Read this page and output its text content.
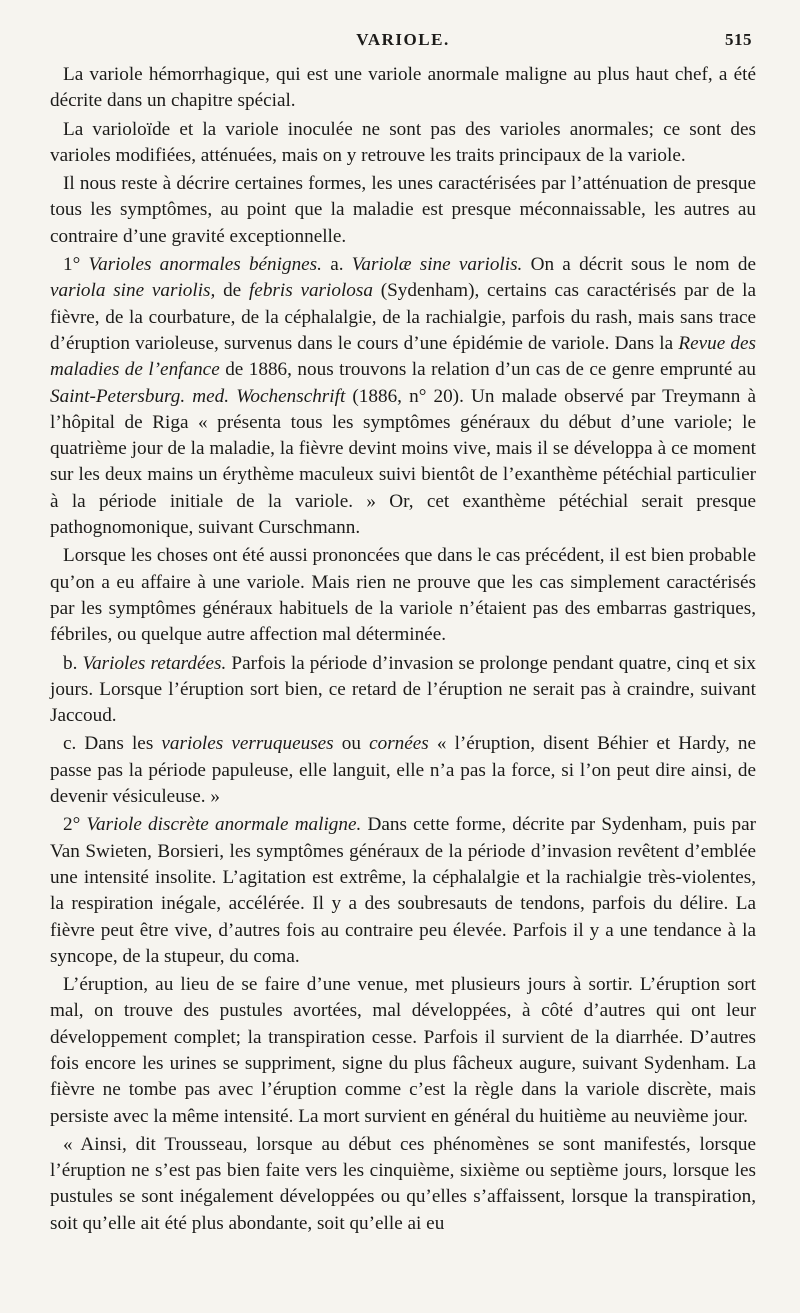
VARIOLE.	515

La variole hémorrhagique, qui est une variole anormale maligne au plus haut chef, a été décrite dans un chapitre spécial.

La varioloïde et la variole inoculée ne sont pas des varioles anormales; ce sont des varioles modifiées, atténuées, mais on y retrouve les traits principaux de la variole.

Il nous reste à décrire certaines formes, les unes caractérisées par l’atténuation de presque tous les symptômes, au point que la maladie est presque méconnaissable, les autres au contraire d’une gravité exceptionnelle.

1° Varioles anormales bénignes. a. Variolæ sine variolis. On a décrit sous le nom de variola sine variolis, de febris variolosa (Sydenham), certains cas caractérisés par de la fièvre, de la courbature, de la céphalalgie, de la rachialgie, parfois du rash, mais sans trace d’éruption varioleuse, survenus dans le cours d’une épidémie de variole. Dans la Revue des maladies de l’enfance de 1886, nous trouvons la relation d’un cas de ce genre emprunté au Saint-Petersburg. med. Wochenschrift (1886, n° 20). Un malade observé par Treymann à l’hôpital de Riga « présenta tous les symptômes généraux du début d’une variole; le quatrième jour de la maladie, la fièvre devint moins vive, mais il se développa à ce moment sur les deux mains un érythème maculeux suivi bientôt de l’exanthème pétéchial particulier à la période initiale de la variole. » Or, cet exanthème pétéchial serait presque pathognomonique, suivant Curschmann.

Lorsque les choses ont été aussi prononcées que dans le cas précédent, il est bien probable qu’on a eu affaire à une variole. Mais rien ne prouve que les cas simplement caractérisés par les symptômes généraux habituels de la variole n’étaient pas des embarras gastriques, fébriles, ou quelque autre affection mal déterminée.

b. Varioles retardées. Parfois la période d’invasion se prolonge pendant quatre, cinq et six jours. Lorsque l’éruption sort bien, ce retard de l’éruption ne serait pas à craindre, suivant Jaccoud.

c. Dans les varioles verruqueuses ou cornées « l’éruption, disent Béhier et Hardy, ne passe pas la période papuleuse, elle languit, elle n’a pas la force, si l’on peut dire ainsi, de devenir vésiculeuse. »

2° Variole discrète anormale maligne. Dans cette forme, décrite par Sydenham, puis par Van Swieten, Borsieri, les symptômes généraux de la période d’invasion revêtent d’emblée une intensité insolite. L’agitation est extrême, la céphalalgie et la rachialgie très-violentes, la respiration inégale, accélérée. Il y a des soubresauts de tendons, parfois du délire. La fièvre peut être vive, d’autres fois au contraire peu élevée. Parfois il y a une tendance à la syncope, de la stupeur, du coma.

L’éruption, au lieu de se faire d’une venue, met plusieurs jours à sortir. L’éruption sort mal, on trouve des pustules avortées, mal développées, à côté d’autres qui ont leur développement complet; la transpiration cesse. Parfois il survient de la diarrhée. D’autres fois encore les urines se suppriment, signe du plus fâcheux augure, suivant Sydenham. La fièvre ne tombe pas avec l’éruption comme c’est la règle dans la variole discrète, mais persiste avec la même intensité. La mort survient en général du huitième au neuvième jour.

« Ainsi, dit Trousseau, lorsque au début ces phénomènes se sont manifestés, lorsque l’éruption ne s’est pas bien faite vers les cinquième, sixième ou septième jours, lorsque les pustules se sont inégalement développées ou qu’elles s’affaissent, lorsque la transpiration, soit qu’elle ait été plus abondante, soit qu’elle ai eu
